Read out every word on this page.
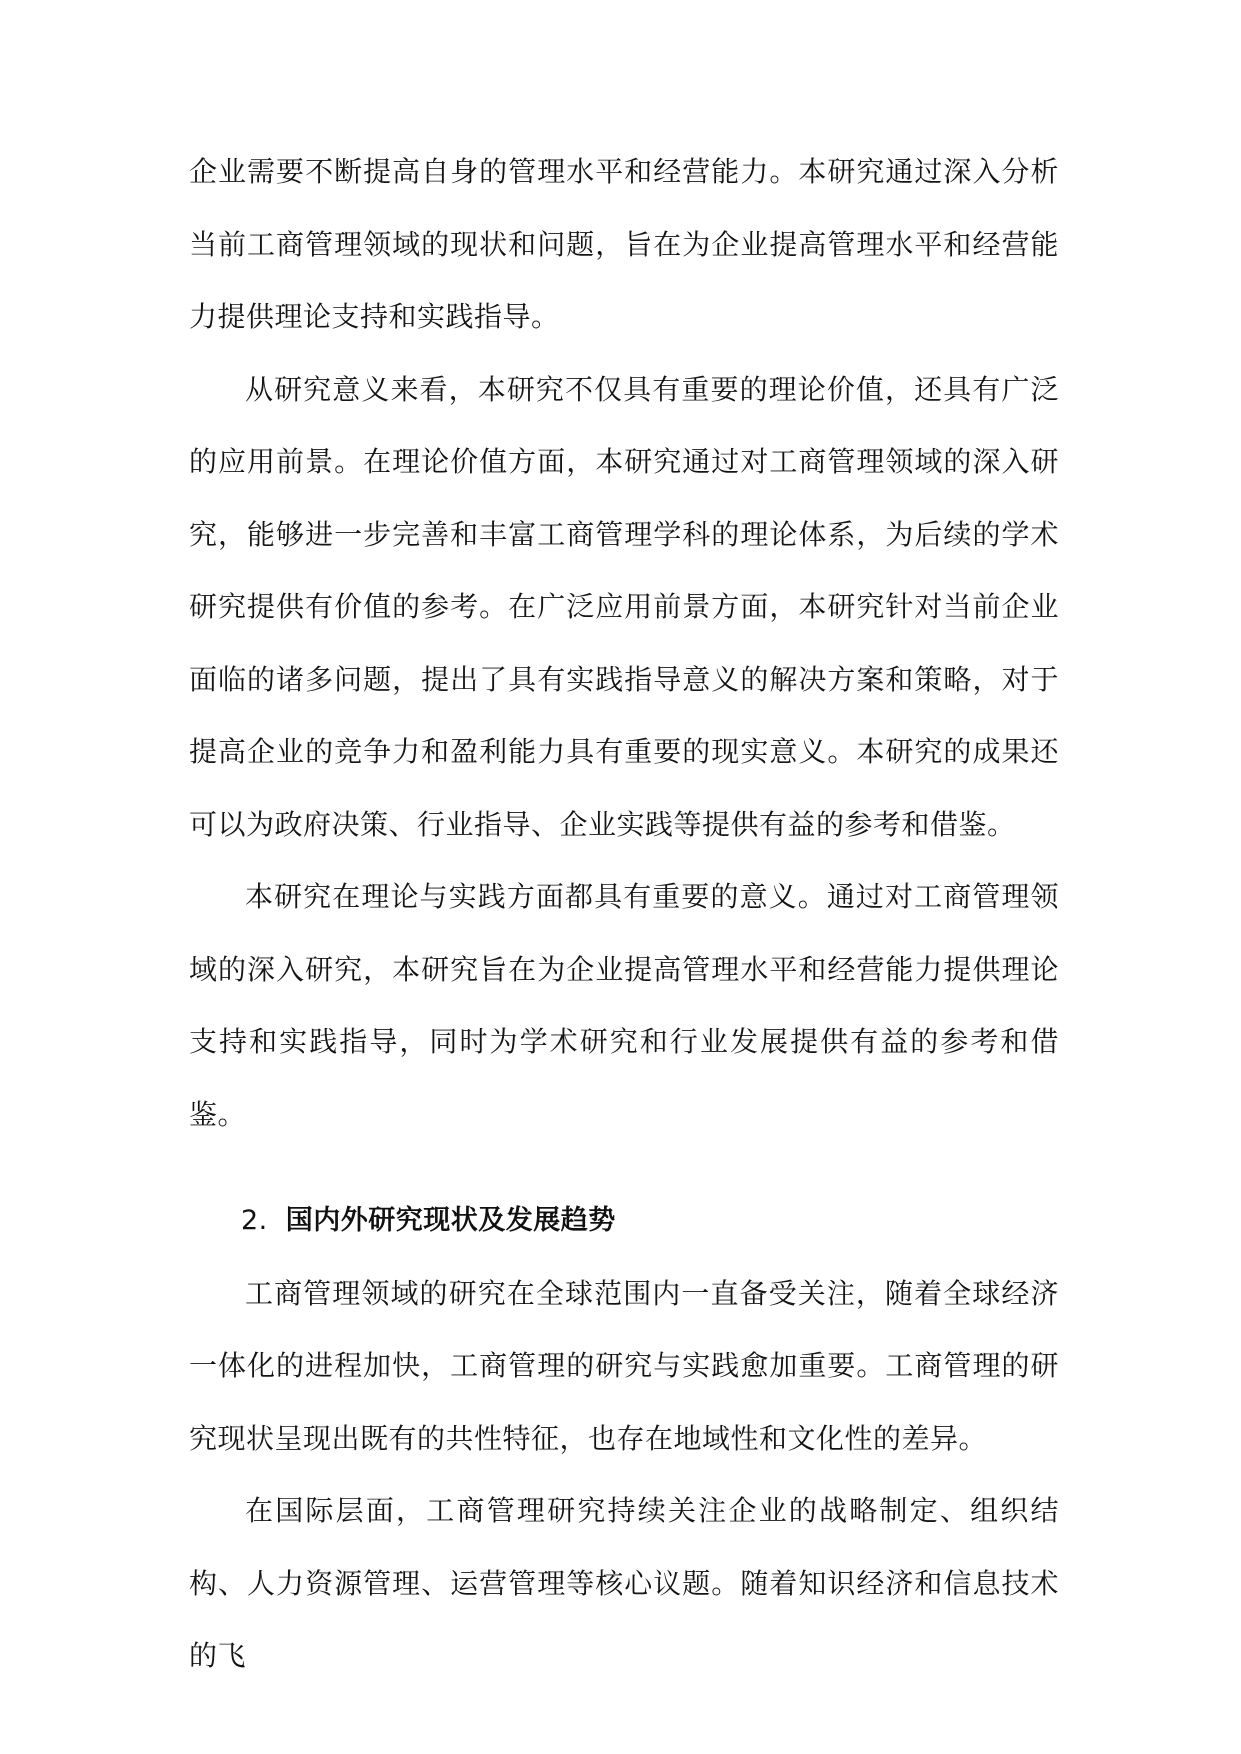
企业需要不断提高自身的管理水平和经营能力。本研究通过深入分析当前工商管理领域的现状和问题，旨在为企业提高管理水平和经营能力提供理论支持和实践指导。

从研究意义来看，本研究不仅具有重要的理论价值，还具有广泛的应用前景。在理论价值方面，本研究通过对工商管理领域的深入研究，能够进一步完善和丰富工商管理学科的理论体系，为后续的学术研究提供有价值的参考。在广泛应用前景方面，本研究针对当前企业面临的诸多问题，提出了具有实践指导意义的解决方案和策略，对于提高企业的竞争力和盈利能力具有重要的现实意义。本研究的成果还可以为政府决策、行业指导、企业实践等提供有益的参考和借鉴。

本研究在理论与实践方面都具有重要的意义。通过对工商管理领域的深入研究，本研究旨在为企业提高管理水平和经营能力提供理论支持和实践指导，同时为学术研究和行业发展提供有益的参考和借鉴。

2. 国内外研究现状及发展趋势

工商管理领域的研究在全球范围内一直备受关注，随着全球经济一体化的进程加快，工商管理的研究与实践愈加重要。工商管理的研究现状呈现出既有的共性特征，也存在地域性和文化性的差异。

在国际层面，工商管理研究持续关注企业的战略制定、组织结构、人力资源管理、运营管理等核心议题。随着知识经济和信息技术的飞
